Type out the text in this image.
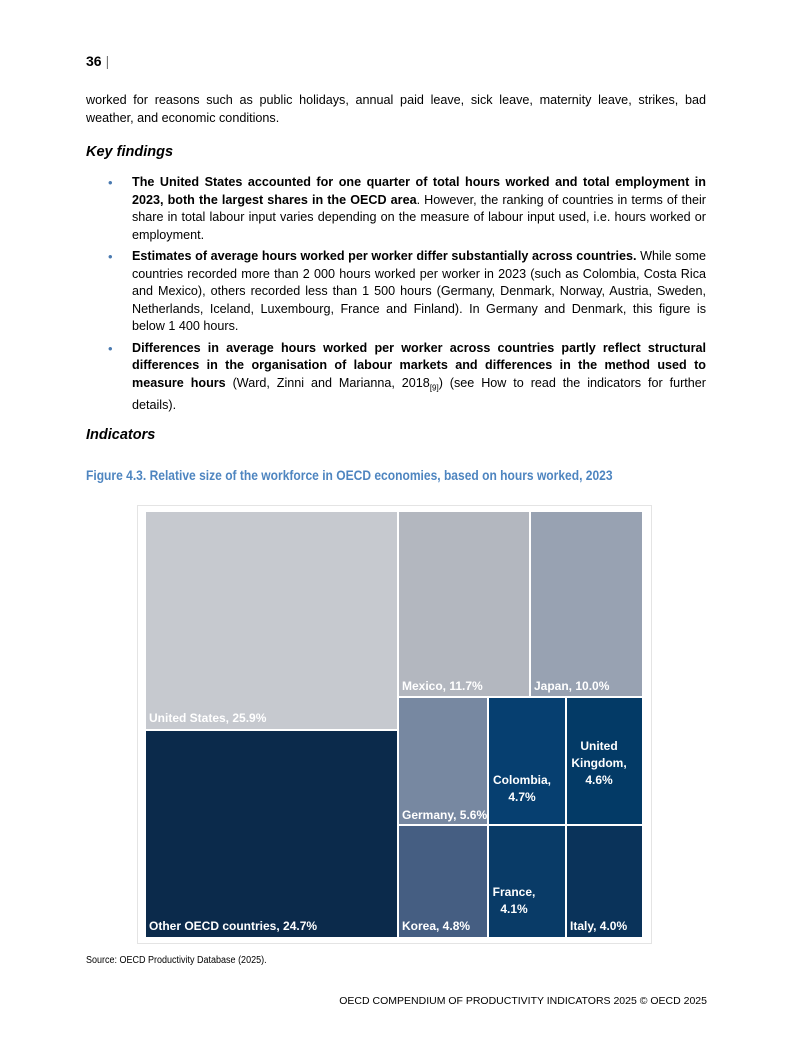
36 |
worked for reasons such as public holidays, annual paid leave, sick leave, maternity leave, strikes, bad weather, and economic conditions.
Key findings
• The United States accounted for one quarter of total hours worked and total employment in 2023, both the largest shares in the OECD area. However, the ranking of countries in terms of their share in total labour input varies depending on the measure of labour input used, i.e. hours worked or employment.
• Estimates of average hours worked per worker differ substantially across countries. While some countries recorded more than 2 000 hours worked per worker in 2023 (such as Colombia, Costa Rica and Mexico), others recorded less than 1 500 hours (Germany, Denmark, Norway, Austria, Sweden, Netherlands, Iceland, Luxembourg, France and Finland). In Germany and Denmark, this figure is below 1 400 hours.
• Differences in average hours worked per worker across countries partly reflect structural differences in the organisation of labour markets and differences in the method used to measure hours (Ward, Zinni and Marianna, $2018_{[9]}$) (see How to read the indicators for further details).
Indicators
Figure 4.3. Relative size of the workforce in OECD economies, based on hours worked, 2023
United States, 25.9%
Other OECD countries, 24.7%
Mexico, 11.7%	Japan, 10.0%
Germany, 5.6%
Colombia,
4.7%
United
Kingdom,
4.6%
Korea, 4.8%
France,
4.1%
Italy, 4.0%
Source: OECD Productivity Database (2025).
OECD COMPENDIUM OF PRODUCTIVITY INDICATORS 2025 © OECD 2025
